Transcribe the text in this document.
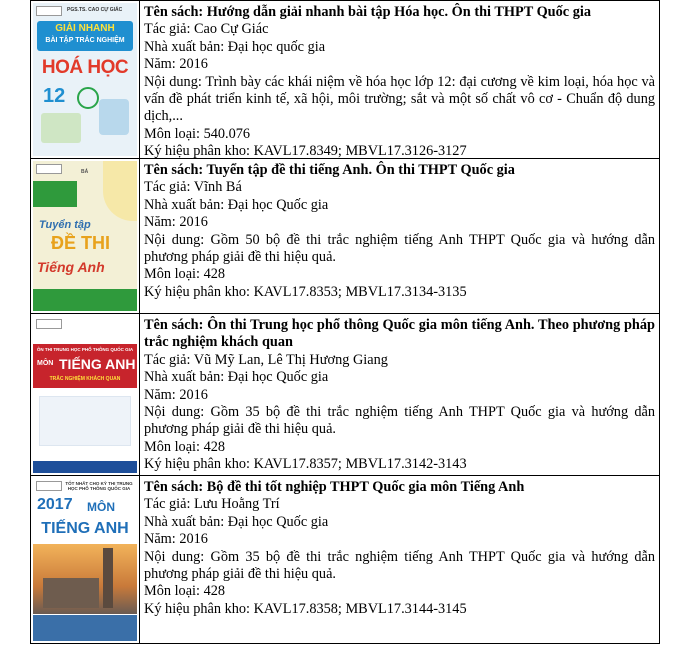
PGS.TS. CAO CỰ GIÁC
GIẢI NHANH
BÀI TẬP TRẮC NGHIỆM
HOÁ HỌC
12
Tên sách: Hướng dẫn giải nhanh bài tập Hóa học. Ôn thi THPT Quốc gia
Tác giả: Cao Cự Giác
Nhà xuất bản: Đại học quốc gia
Năm: 2016
Nội dung: Trình bày các khái niệm về hóa học lớp 12: đại cương về kim loại, hóa học và vấn đề phát triển kinh tế, xã hội, môi trường; sắt và một số chất vô cơ - Chuẩn độ dung dịch,...
Môn loại: 540.076
Ký hiệu phân kho: KAVL17.8349; MBVL17.3126-3127
BÁ
Tuyển tập
ĐỀ THI
Tiếng Anh
Tên sách: Tuyển tập đề thi tiếng Anh. Ôn thi THPT Quốc gia
Tác giả: Vĩnh Bá
Nhà xuất bản: Đại học Quốc gia
Năm: 2016
Nội dung: Gồm 50 bộ đề thi trắc nghiệm tiếng Anh THPT Quốc gia và hướng dẫn phương pháp giải đề thi hiệu quả.
Môn loại: 428
Ký hiệu phân kho: KAVL17.8353; MBVL17.3134-3135
ÔN THI TRUNG HỌC PHỔ THÔNG QUỐC GIA
MÔN TIẾNG ANH
TRẮC NGHIỆM KHÁCH QUAN
Tên sách: Ôn thi Trung học phổ thông Quốc gia môn tiếng Anh. Theo phương pháp trắc nghiệm khách quan
Tác giả: Vũ Mỹ Lan, Lê Thị Hương Giang
Nhà xuất bản: Đại học Quốc gia
Năm: 2016
Nội dung: Gồm 35 bộ đề thi trắc nghiệm tiếng Anh THPT Quốc gia và hướng dẫn phương pháp giải đề thi hiệu quả.
Môn loại: 428
Ký hiệu phân kho: KAVL17.8357; MBVL17.3142-3143
TỐT NHẤT CHO KỲ THI TRUNG HỌC PHỔ THÔNG QUỐC GIA
2017 MÔN
TIẾNG ANH
Tên sách: Bộ đề thi tốt nghiệp THPT Quốc gia môn Tiếng Anh
Tác giả: Lưu Hoằng Trí
Nhà xuất bản: Đại học Quốc gia
Năm: 2016
Nội dung: Gồm 35 bộ đề thi trắc nghiệm tiếng Anh THPT Quốc gia và hướng dẫn phương pháp giải đề thi hiệu quả.
Môn loại: 428
Ký hiệu phân kho: KAVL17.8358; MBVL17.3144-3145
